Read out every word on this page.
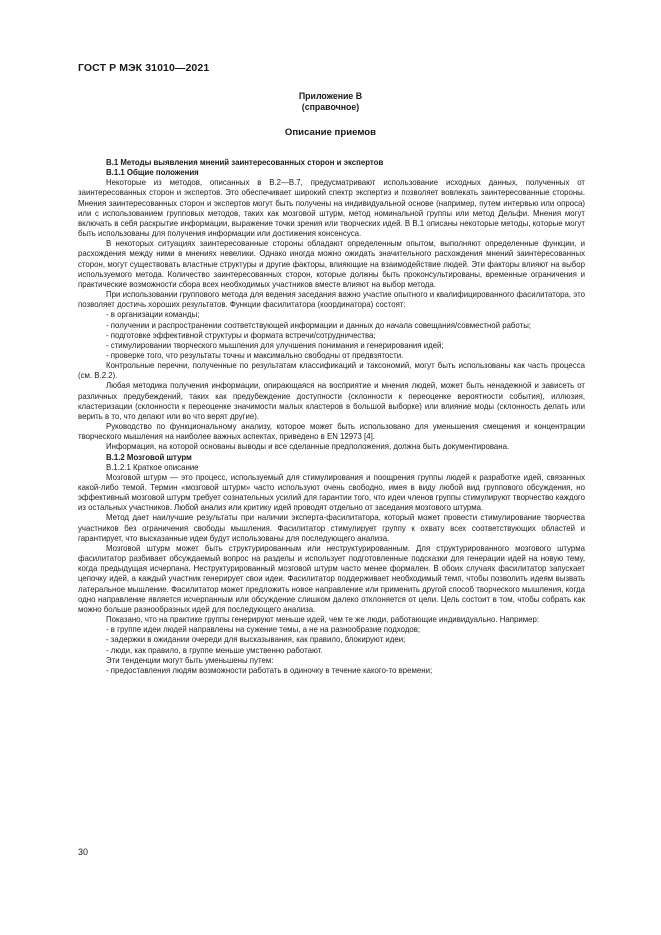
ГОСТ Р МЭК 31010—2021
Приложение В
(справочное)
Описание приемов

В.1 Методы выявления мнений заинтересованных сторон и экспертов

В.1.1 Общие положения

Некоторые из методов, описанных в В.2—В.7, предусматривают использование исходных данных, полученных от заинтересованных сторон и экспертов. Это обеспечивает широкий спектр экспертиз и позволяет вовлекать заинтересованные стороны. Мнения заинтересованных сторон и экспертов могут быть получены на индивидуальной основе (например, путем интервью или опроса) или с использованием групповых методов, таких как мозговой штурм, метод номинальной группы или метод Дельфи. Мнения могут включать в себя раскрытие информации, выражение точки зрения или творческих идей. В В.1 описаны некоторые методы, которые могут быть использованы для получения информации или достижения консенсуса.

В некоторых ситуациях заинтересованные стороны обладают определенным опытом, выполняют определенные функции, и расхождения между ними в мнениях невелики. Однако иногда можно ожидать значительного расхождения мнений заинтересованных сторон, могут существовать властные структуры и другие факторы, влияющие на взаимодействие людей. Эти факторы влияют на выбор используемого метода. Количество заинтересованных сторон, которые должны быть проконсультированы, временные ограничения и практические возможности сбора всех необходимых участников вместе влияют на выбор метода.

При использовании группового метода для ведения заседания важно участие опытного и квалифицированного фасилитатора, это позволяет достичь хороших результатов. Функции фасилитатора (координатора) состоят:

- в организации команды;

- получении и распространении соответствующей информации и данных до начала совещания/совместной работы;

- подготовке эффективной структуры и формата встречи/сотрудничества;

- стимулировании творческого мышления для улучшения понимания и генерирования идей;

- проверке того, что результаты точны и максимально свободны от предвзятости.

Контрольные перечни, полученные по результатам классификаций и таксономий, могут быть использованы как часть процесса (см. В.2.2).

Любая методика получения информации, опирающаяся на восприятие и мнения людей, может быть ненадежной и зависеть от различных предубеждений, таких как предубеждение доступности (склонности к переоценке вероятности события), иллюзия, кластеризации (склонности к переоценке значимости малых кластеров в большой выборке) или влияние моды (склонность делать или верить в то, что делают или во что верят другие).

Руководство по функциональному анализу, которое может быть использовано для уменьшения смещения и концентрации творческого мышления на наиболее важных аспектах, приведено в EN 12973 [4].

Информация, на которой основаны выводы и все сделанные предположения, должна быть документирована.

В.1.2 Мозговой штурм

В.1.2.1 Краткое описание

Мозговой штурм — это процесс, используемый для стимулирования и поощрения группы людей к разработке идей, связанных какой-либо темой. Термин «мозговой штурм» часто используют очень свободно, имея в виду любой вид группового обсуждения, но эффективный мозговой штурм требует сознательных усилий для гарантии того, что идеи членов группы стимулируют творчество каждого из остальных участников. Любой анализ или критику идей проводят отдельно от заседания мозгового штурма.

Метод дает наилучшие результаты при наличии эксперта-фасилитатора, который может провести стимулирование творчества участников без ограничения свободы мышления. Фасилитатор стимулирует группу к охвату всех соответствующих областей и гарантирует, что высказанные идеи будут использованы для последующего анализа.

Мозговой штурм может быть структурированным или неструктурированным. Для структурированного мозгового штурма фасилитатор разбивает обсуждаемый вопрос на разделы и использует подготовленные подсказки для генерации идей на новую тему, когда предыдущая исчерпана. Неструктурированный мозговой штурм часто менее формален. В обоих случаях фасилитатор запускает цепочку идей, а каждый участник генерирует свои идеи. Фасилитатор поддерживает необходимый темп, чтобы позволить идеям вызвать латеральное мышление. Фасилитатор может предложить новое направление или применить другой способ творческого мышления, когда одно направление является исчерпанным или обсуждение слишком далеко отклоняется от цели. Цель состоит в том, чтобы собрать как можно больше разнообразных идей для последующего анализа.

Показано, что на практике группы генерируют меньше идей, чем те же люди, работающие индивидуально. Например:

- в группе идеи людей направлены на сужение темы, а не на разнообразие подходов;

- задержки в ожидании очереди для высказывания, как правило, блокируют идеи;

- люди, как правило, в группе меньше умственно работают.

Эти тенденции могут быть уменьшены путем:

- предоставления людям возможности работать в одиночку в течение какого-то времени;

30
